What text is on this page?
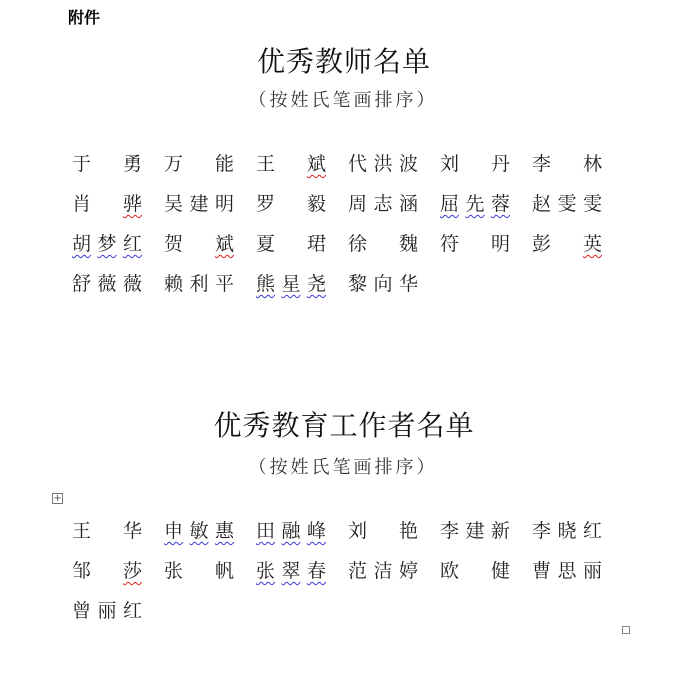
附件
优秀教师名单
（按姓氏笔画排序）
于 勇 万 能 王 斌 代 洪 波 刘 丹 李 林
肖 骅 吴 建 明 罗 毅 周 志 涵 屈 先 蓉 赵 雯 雯
胡 梦 红 贺 斌 夏 珺 徐 魏 符 明 彭 英
舒 薇 薇 赖 利 平 熊 星 尧 黎 向 华
优秀教育工作者名单
（按姓氏笔画排序）
+
王 华 申 敏 惠 田 融 峰 刘 艳 李 建 新 李 晓 红
邹 莎 张 帆 张 翠 春 范 洁 婷 欧 健 曹 思 丽
曾 丽 红
